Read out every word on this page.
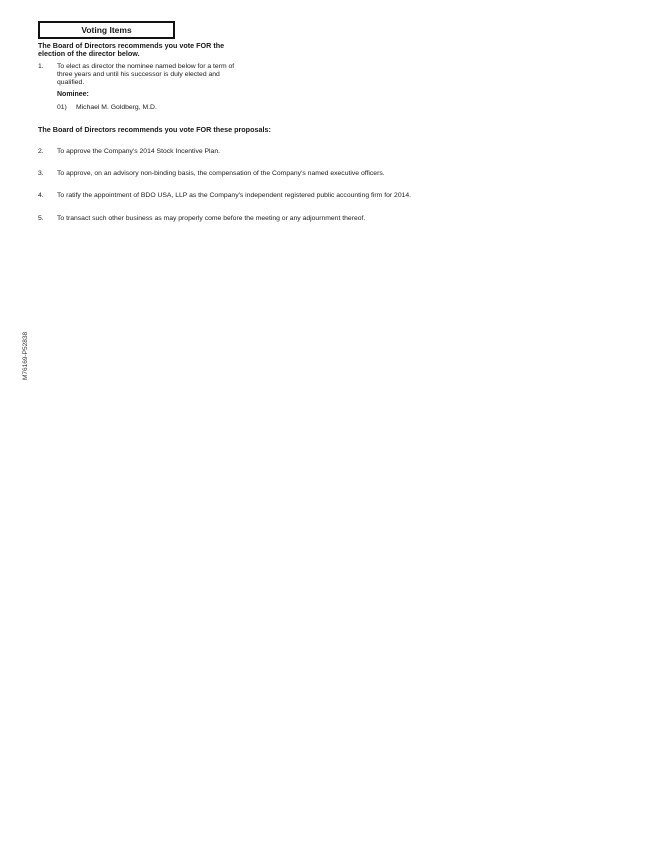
Voting Items
The Board of Directors recommends you vote FOR the election of the director below.
1.	To elect as director the nominee named below for a term of three years and until his successor is duly elected and qualified.
Nominee:
01)	Michael M. Goldberg, M.D.
The Board of Directors recommends you vote FOR these proposals:
2.	To approve the Company's 2014 Stock Incentive Plan.
3.	To approve, on an advisory non-binding basis, the compensation of the Company's named executive officers.
4.	To ratify the appointment of BDO USA, LLP as the Company's independent registered public accounting firm for 2014.
5.	To transact such other business as may properly come before the meeting or any adjournment thereof.
M76169-P52838
